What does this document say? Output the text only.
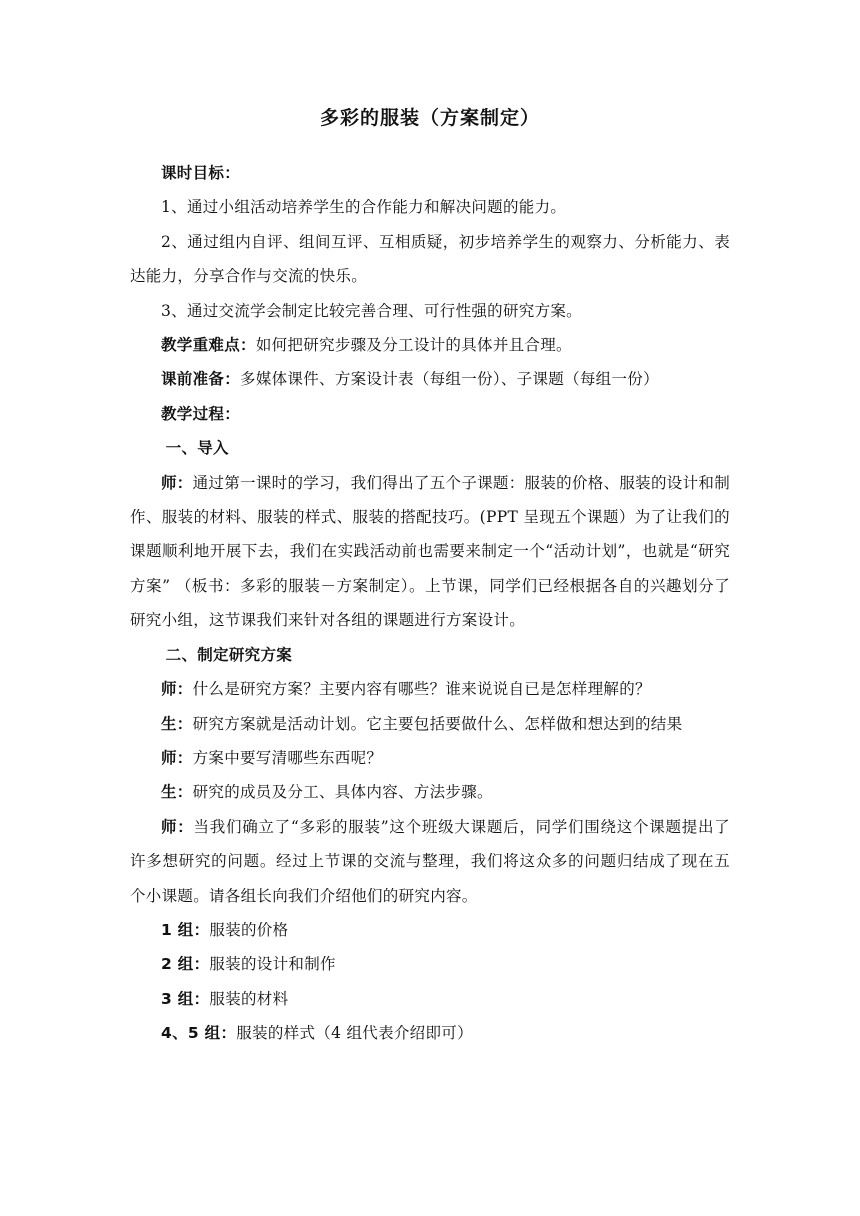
多彩的服装（方案制定）

课时目标：

1、通过小组活动培养学生的合作能力和解决问题的能力。

2、通过组内自评、组间互评、互相质疑，初步培养学生的观察力、分析能力、表达能力，分享合作与交流的快乐。

3、通过交流学会制定比较完善合理、可行性强的研究方案。

教学重难点：如何把研究步骤及分工设计的具体并且合理。

课前准备：多媒体课件、方案设计表（每组一份）、子课题（每组一份）

教学过程：

一、导入

师：通过第一课时的学习，我们得出了五个子课题：服装的价格、服装的设计和制作、服装的材料、服装的样式、服装的搭配技巧。(PPT 呈现五个课题）为了让我们的课题顺利地开展下去，我们在实践活动前也需要来制定一个“活动计划”，也就是“研究方案” （板书：多彩的服装－方案制定）。上节课，同学们已经根据各自的兴趣划分了研究小组，这节课我们来针对各组的课题进行方案设计。

二、制定研究方案

师：什么是研究方案？主要内容有哪些？谁来说说自已是怎样理解的？

生：研究方案就是活动计划。它主要包括要做什么、怎样做和想达到的结果

师：方案中要写清哪些东西呢？

生：研究的成员及分工、具体内容、方法步骤。

师：当我们确立了“多彩的服装”这个班级大课题后，同学们围绕这个课题提出了许多想研究的问题。经过上节课的交流与整理，我们将这众多的问题归结成了现在五个小课题。请各组长向我们介绍他们的研究内容。

1 组：服装的价格

2 组：服装的设计和制作

3 组：服装的材料

4、5 组：服装的样式（4 组代表介绍即可）
